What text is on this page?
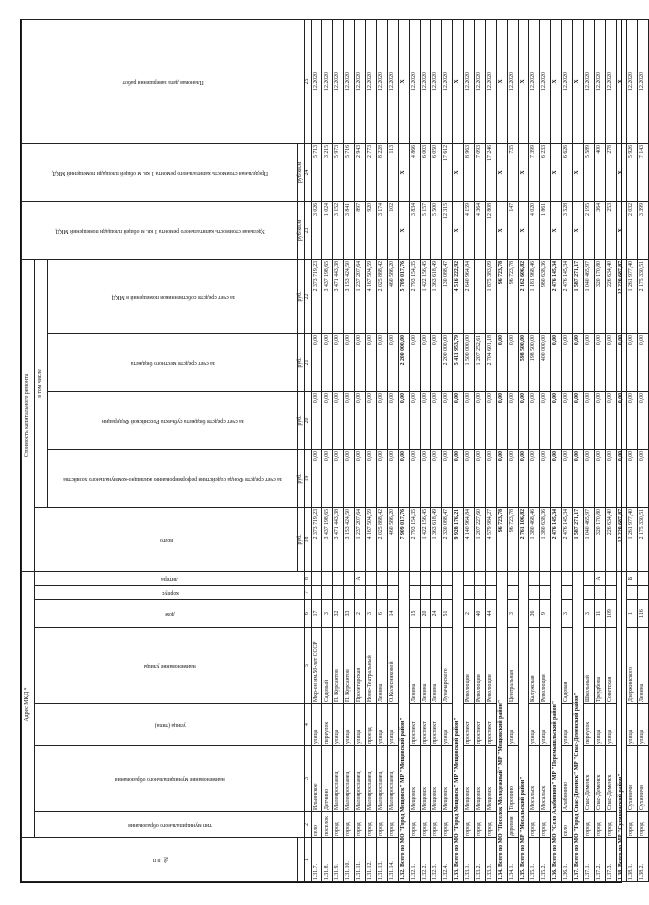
№ п п	Адрес МКД *							Стоимость капитального ремонта					Удельная стоимость капитального ремонта 1 кв. м общей площади помещений МКД	Предельная стоимость капитального ремонта 1 кв. м общей площади помещений МКД	Плановая дата завершения работ
	тип муниципального образования	наименование муниципального образования	улица (типа)	наименование улицы	дом	корпус	литера	всего	в том числе						
									за счет средств Фонда содействия реформированию жилищно-коммунального хозяйства	за счет средств бюджета субъекта Российской Федерации	за счет средств местного бюджета	за счет средств собственников помещений в МКД			
								руб.	руб.	руб.	руб.	руб.	руб/кв.м	руб/кв.м	
1	2	3	4	5	6	7	8	18	19	20	21	22	23	24	25
1.31.7.	село	Ильинское	улица	Мкр-он им.50-лет СССР	17			2 373 719,23	0,00	0,00	0,00	2 373 719,23	3 026	5 713	12.2020
1.31.8.	поселок	Детчино	переулок	Садовый	3			3 437 198,65	0,00	0,00	0,00	3 437 198,65	1 024	3 215	12.2020
1.31.9.	город	Малоярославец	улица	П. Курсантов	32			3 471 443,38	0,00	0,00	0,00	3 471 443,38	3 152	5 973	12.2020
1.31.10.	город	Малоярославец	улица	П. Курсантов	33			3 153 424,50	0,00	0,00	0,00	3 153 424,50	3 841	5 716	12.2020
1.31.11.	город	Малоярославец	улица	Пролетарская	2		А	1 237 207,64	0,00	0,00	0,00	1 237 207,64	897	2 943	12.2020
1.31.12.	город	Малоярославец	проезд	Ново-Театральный	3			4 167 504,59	0,00	0,00	0,00	4 167 504,59	920	2 773	12.2020
1.31.13.	город	Малоярославец	улица	Ленина	6			2 025 888,42	0,00	0,00	0,00	2 025 888,42	3 174	8 228	12.2020
1.31.14.	город	Малоярославец	улица	О.Колесниковой	14			460 586,20	0,00	0,00	0,00	460 586,20	102	113	12.2020
1.32. Всего по МО "Город Мещовск" МР "Мещовский район"								7 909 017,76	0,00	0,00	2 200 000,00	5 709 017,76	X	X	X
1.32.1.	город	Мещовск	проспект	Ленина	15			2 793 154,35	0,00	0,00	0,00	2 793 154,35	3 834	4 866	12.2020
1.32.2.	город	Мещовск	проспект	Ленина	20			1 422 156,45	0,00	0,00	0,00	1 422 156,45	5 157	6 003	12.2020
1.32.3.	город	Мещовск	проспект	Ленина	24			1 363 618,49	0,00	0,00	0,00	1 363 618,49	5 500	6 050	12.2020
1.32.4.	город	Мещовск	улица	Луначарского	51			2 330 088,47	0,00	0,00	2 200 000,00	130 088,47	12 315	17 612	12.2020
1.33. Всего по МО "Город Мещовск" МР "Мещовский район"								9 928 176,21	0,00	0,00	5 411 953,79	4 516 222,92	X	X	X
1.33.1.	город	Мещовск	проспект	Революции	2			4 140 964,84	0,00	0,00	1 500 000,00	2 640 964,84	4 159	8 963	12.2020
1.33.2.	город	Мещовск	проспект	Революции	40			1 207 227,60	0,00	0,00	1 207 252,61		4 364	7 093	12.2020
1.33.3.	город	Мещовск	проспект	Революции	44			4 579 984,27	0,00	0,00	2 704 601,18	1 875 383,09	12 808	17 246	12.2020
1.34. Всего по МО "Поселок Молодежный" МР "Мещовский район"								96 723,78	0,00	0,00	0,00	96 723,78	X	X	X
1.34.1.	деревня	Торопино	улица	Центральная	3			96 723,78	0,00	0,00	0,00	96 723,78	147	735	12.2020
1.35. Всего по МР "Мосальский район"								2 761 106,82	0,00	0,00	598 500,00	2 162 606,82	X	X	X
1.35.1.	город	Мосальск	улица	Калужская	36			1 380 468,46	0,00	0,00	198 500,00	1 181 968,46	4 020	7 399	12.2020
1.35.2.	город	Мосальск	улица	Революции	9			1 380 638,36	0,00	0,00	400 000,00	980 638,36	1 861	6 233	12.2020
1.36. Всего по МО "Село Алабинино" МР "Перемышльский район"								2 476 145,34	0,00	0,00	0,00	2 476 145,34	X	X	X
1.36.1.	село	Алабинино	улица	Садовая	3			2 476 145,34	0,00	0,00	0,00	2 476 145,34	3 528	6 626	12.2020
1.37. Всего по МО "Город Спас-Деменск" МР "Спас-Деменский район"								1 587 271,17	0,00	0,00	0,00	1 587 271,17	X	X	X
1.37.1.	город	Спас-Деменск	переулок	Школьный	3			1 040 465,97	0,00	0,00	0,00	1 040 465,97	2 195	5 589	12.2020
1.37.2.	город	Спас-Деменск	улица	Треудбова	11		А	320 170,80	0,00	0,00	0,00	320 170,80	364	400	12.2020
1.37.3.	город	Спас-Деменск	улица	Советская	109			226 634,40	0,00	0,00	0,00	226 634,40	253	278	12.2020
1.38. Всего по МР "Сухиничский район"								12 220 687,87	0,00	0,00	0,00	12 220 687,87	X	X	X
1.38.1.	город	Сухиничи	улица	Дзержинского	1		Б	1 261 977,40	0,00	0,00	0,00	1 261 977,40	2 032	5 926	12.2020
1.38.2.	город	Сухиничи	улица	Ленина	116			2 175 330,51	0,00	0,00	0,00	2 175 330,51	3 399	7 143	12.2020
